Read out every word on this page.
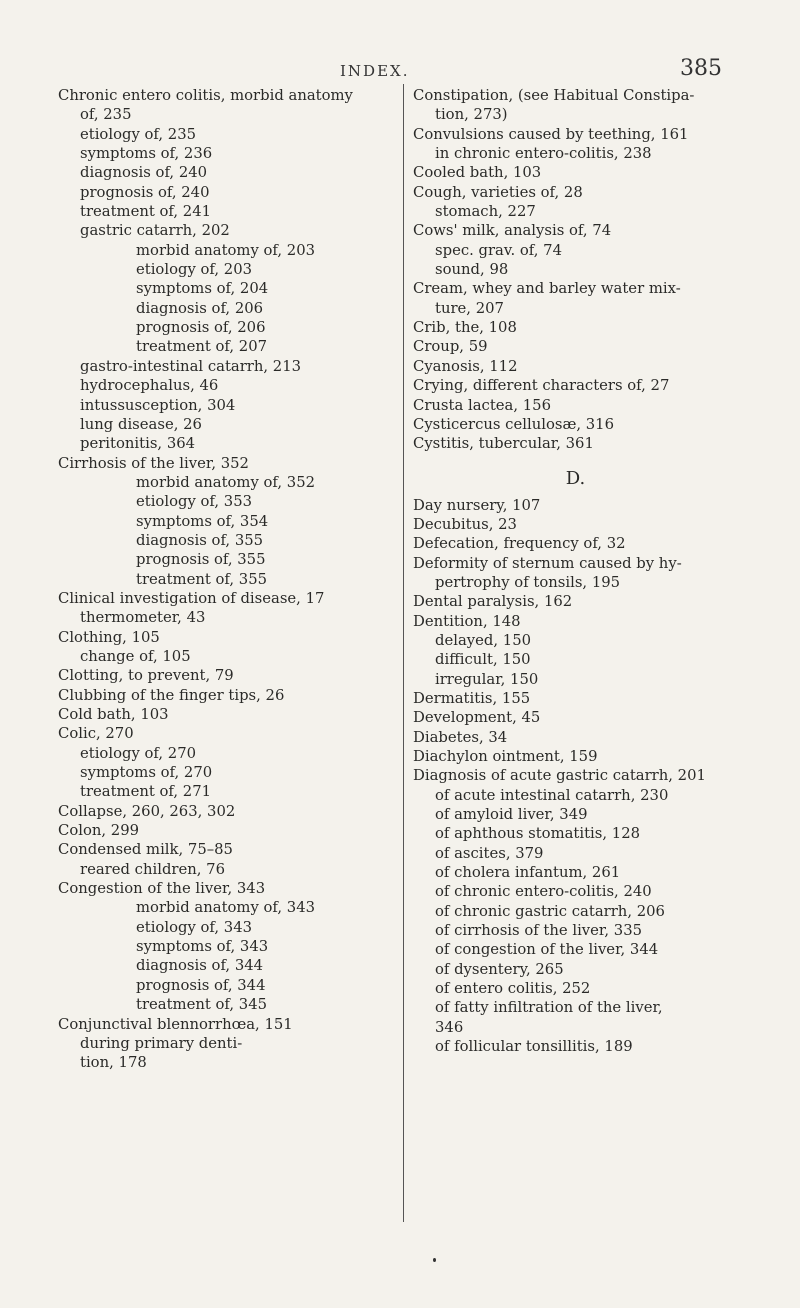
INDEX.	385

Chronic entero colitis, morbid anatomy

of, 235

etiology of, 235

symptoms of, 236

diagnosis of, 240

prognosis of, 240

treatment of, 241

gastric catarrh, 202

morbid anatomy of, 203

etiology of, 203

symptoms of, 204

diagnosis of, 206

prognosis of, 206

treatment of, 207

gastro-intestinal catarrh, 213

hydrocephalus, 46

intussusception, 304

lung disease, 26

peritonitis, 364

Cirrhosis of the liver, 352

morbid anatomy of, 352

etiology of, 353

symptoms of, 354

diagnosis of, 355

prognosis of, 355

treatment of, 355

Clinical investigation of disease, 17

thermometer, 43

Clothing, 105

change of, 105

Clotting, to prevent, 79

Clubbing of the finger tips, 26

Cold bath, 103

Colic, 270

etiology of, 270

symptoms of, 270

treatment of, 271

Collapse, 260, 263, 302

Colon, 299

Condensed milk, 75–85

reared children, 76

Congestion of the liver, 343

morbid anatomy of, 343

etiology of, 343

symptoms of, 343

diagnosis of, 344

prognosis of, 344

treatment of, 345

Conjunctival blennorrhœa, 151

during primary denti-

tion, 178

Constipation, (see Habitual Constipa-

tion, 273)

Convulsions caused by teething, 161

in chronic entero-colitis, 238

Cooled bath, 103

Cough, varieties of, 28

stomach, 227

Cows' milk, analysis of, 74

spec. grav. of, 74

sound, 98

Cream, whey and barley water mix-

ture, 207

Crib, the, 108

Croup, 59

Cyanosis, 112

Crying, different characters of, 27

Crusta lactea, 156

Cysticercus cellulosæ, 316

Cystitis, tubercular, 361

D.

Day nursery, 107

Decubitus, 23

Defecation, frequency of, 32

Deformity of sternum caused by hy-

pertrophy of tonsils, 195

Dental paralysis, 162

Dentition, 148

delayed, 150

difficult, 150

irregular, 150

Dermatitis, 155

Development, 45

Diabetes, 34

Diachylon ointment, 159

Diagnosis of acute gastric catarrh, 201

of acute intestinal catarrh, 230

of amyloid liver, 349

of aphthous stomatitis, 128

of ascites, 379

of cholera infantum, 261

of chronic entero-colitis, 240

of chronic gastric catarrh, 206

of cirrhosis of the liver, 335

of congestion of the liver, 344

of dysentery, 265

of entero colitis, 252

of fatty infiltration of the liver,

346

of follicular tonsillitis, 189
